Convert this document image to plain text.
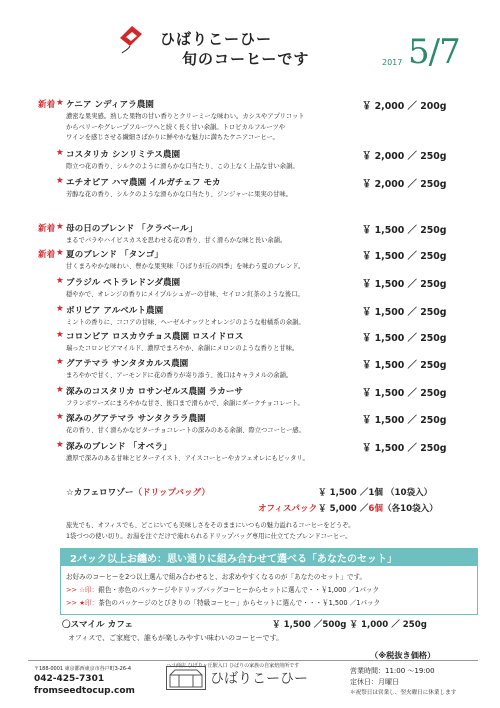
ひばりこーひー
旬のコーヒーです	2017 5/7
新着 ★ ケニア ンディアラ農園	￥ 2,000 ／ 200g
濃密な果実感。熟した果物の甘い香りとクリーミーな味わい。カシスやアプリコット
からベリーやグレープフルーツへと続く長く甘い余韻。トロピカルフルーツや
ワインを感じさせる繊細さばかりに鮮やかな魅力に満ちたケニアコーヒー。
★ コスタリカ シンリミテス農園	￥ 2,000 ／ 250g
際立つ花の香り、シルクのように滑らかな口当たり、この上なく上品な甘い余韻。
★ エチオピア ハマ農園 イルガチェフ モカ	￥ 2,000 ／ 250g
芳醇な花の香り、シルクのような滑らかな口当たり、ジンジャーに果実の甘味。
新着 ★ 母の日のブレンド 「クラベール」	￥ 1,500 ／ 250g
まるでバラやハイビスカスを思わせる花の香り、甘く滑らかな味と長い余韻。
新着 ★ 夏のブレンド 「タンゴ」	￥ 1,500 ／ 250g
甘くまろやかな味わい、豊かな果実味「ひばりが丘の四季」を味わう夏のブレンド。
★ ブラジル ペトラレドンダ農園	￥ 1,500 ／ 250g
穏やかで、オレンジの香りにメイプルシュガーの甘味、セイロン紅茶のような後口。
★ ボリビア アルベルト農園	￥ 1,500 ／ 250g
ミントの香りに、ココアの甘味、ヘーゼルナッツとオレンジのような柑橘系の余韻。
★ コロンビア ロスカウチョス農園 ロスイドロス	￥ 1,500 ／ 250g
瑞ったコロンビアマイルド、濃厚でまろやか、余韻にメロンのような香りと甘味。
★ グアテマラ サンタタカルス農園	￥ 1,500 ／ 250g
まろやかで甘く、アーモンドに花の香りが寄り添う、後口はキャラメルの余韻。
★ 深みのコスタリカ ロサンゼルス農園 ラカーサ	￥ 1,500 ／ 250g
フランボワーズにまろやかな甘さ、後口まで滑らかで、余韻にダークチョコレート。
★ 深みのグアテマラ サンタクララ農園	￥ 1,500 ／ 250g
花の香り、甘く滑らかなビターチョコレートの深みのある余韻、際立つコーヒー感。
★ 深みのブレンド 「オペラ」	￥ 1,500 ／ 250g
濃厚で深みのある甘味とビターテイスト、アイスコーヒーやカフェオレにもピッタリ。
☆カフェロワゾー（ドリップバッグ）	￥ 1,500 ／1個 （10袋入）
オフィスパック ￥ 5,000 ／6個（各10袋入）
旅先でも、オフィスでも、どこにいても美味しさをそのままにいつもの魅力溢れるコーヒーをどうぞ。
1袋づつの使い切り。お湯を注ぐだけで淹れられるドリップバッグ専用に仕立てたブレンドコーヒー。
2パック以上お纏め：思い通りに組み合わせて選べる「あなたのセット」
お好みのコーヒーを2つ以上選んで組み合わせると、お求めやすくなるのが「あなたのセット」です。
>> ☆印：銀色・赤色のパッケージやドリップバッグコーヒーからセットに選んで・・￥1,000 ／1パック
>> ★印：茶色のパッケージのとびきりの「特級コーヒー」からセットに選んで・・・￥1,500 ／1パック
〇スマイル カフェ	￥ 1,500 ／500g ￥ 1,000 ／ 250g
オフィスで、ご家庭で、誰もが楽しみやすい味わいのコーヒーです。
（※税抜き価格）
〒188-0001 東京都西東京市谷戸町3-26-4
042-425-7301
fromseedtocup.com
ハコ商店 ひばりヶ丘駅入口 ひばりの家族の自家焙煎所です
ひばりこーひー	営業時間：11:00 ～19:00
定休日：月曜日
＊祝祭日は営業し、翌火曜日に休業します
